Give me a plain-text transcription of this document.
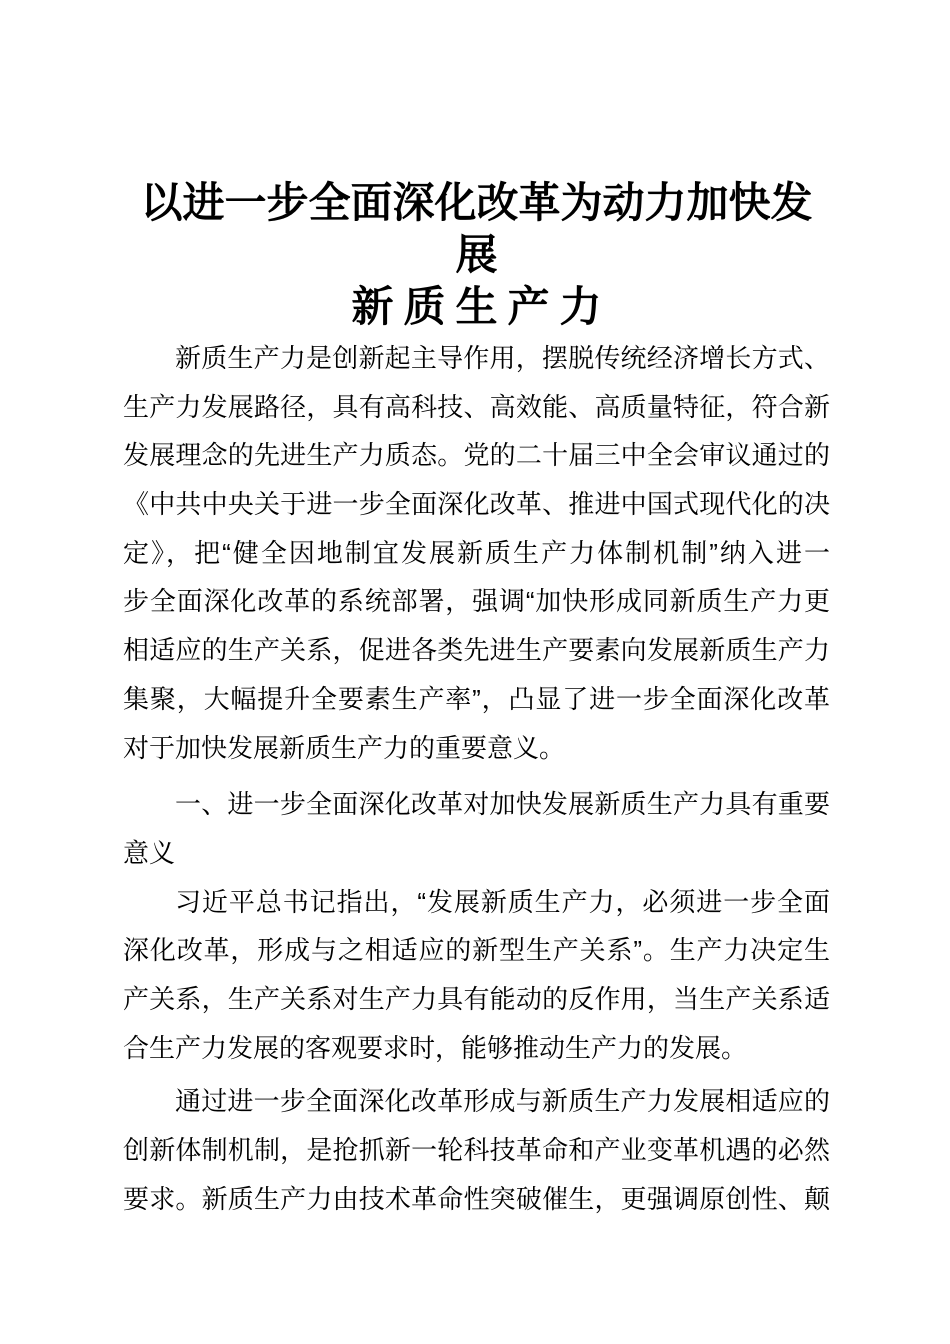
以进一步全面深化改革为动力加快发展
新质生产力
新质生产力是创新起主导作用，摆脱传统经济增长方式、
生产力发展路径，具有高科技、高效能、高质量特征，符合新
发展理念的先进生产力质态。党的二十届三中全会审议通过的
《中共中央关于进一步全面深化改革、推进中国式现代化的决
定》，把“健全因地制宜发展新质生产力体制机制”纳入进一
步全面深化改革的系统部署，强调“加快形成同新质生产力更
相适应的生产关系，促进各类先进生产要素向发展新质生产力
集聚，大幅提升全要素生产率”，凸显了进一步全面深化改革
对于加快发展新质生产力的重要意义。
一、进一步全面深化改革对加快发展新质生产力具有重要
意义
习近平总书记指出，“发展新质生产力，必须进一步全面
深化改革，形成与之相适应的新型生产关系”。生产力决定生
产关系，生产关系对生产力具有能动的反作用，当生产关系适
合生产力发展的客观要求时，能够推动生产力的发展。
通过进一步全面深化改革形成与新质生产力发展相适应的
创新体制机制，是抢抓新一轮科技革命和产业变革机遇的必然
要求。新质生产力由技术革命性突破催生，更强调原创性、颠
